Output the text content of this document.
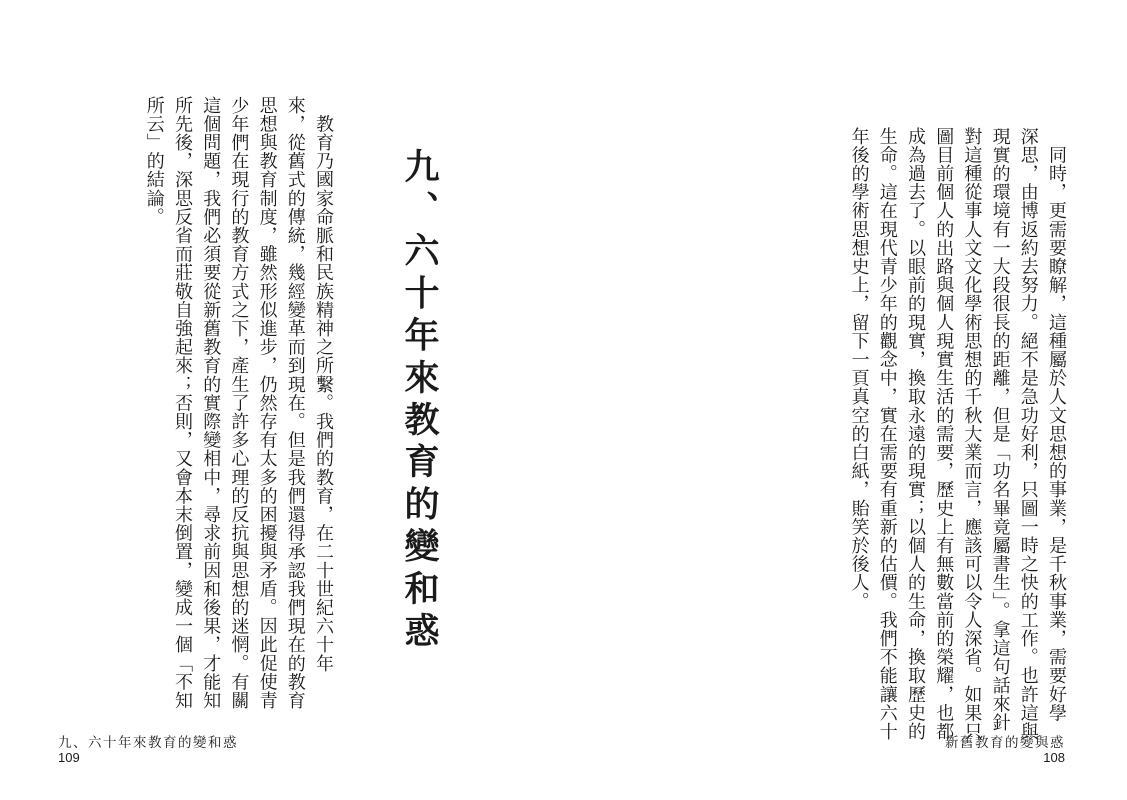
　同時，更需要瞭解，這種屬於人文思想的事業，是千秋事業，需要好學
深思，由博返約去努力。絕不是急功好利，只圖一時之快的工作。也許這與
現實的環境有一大段很長的距離，但是「功名畢竟屬書生」。拿這句話來針
對這種從事人文文化學術思想的千秋大業而言，應該可以令人深省。如果只
圖目前個人的出路與個人現實生活的需要，歷史上有無數當前的榮耀，也都
成為過去了。以眼前的現實，換取永遠的現實；以個人的生命，換取歷史的
生命。這在現代青少年的觀念中，實在需要有重新的估價。我們不能讓六十
年後的學術思想史上，留下一頁真空的白紙，貽笑於後人。
九、六十年來教育的變和惑
　教育乃國家命脈和民族精神之所繫。我們的教育，在二十世紀六十年
來，從舊式的傳統，幾經變革而到現在。但是我們還得承認我們現在的教育
思想與教育制度，雖然形似進步，仍然存有太多的困擾與矛盾。因此促使青
少年們在現行的教育方式之下，產生了許多心理的反抗與思想的迷惘。有關
這個問題，我們必須要從新舊教育的實際變相中，尋求前因和後果，才能知
所先後，深思反省而莊敬自強起來；否則，又會本末倒置，變成一個「不知
所云」的結論。
九、六十年來教育的變和惑
109
新舊教育的變與惑
108
